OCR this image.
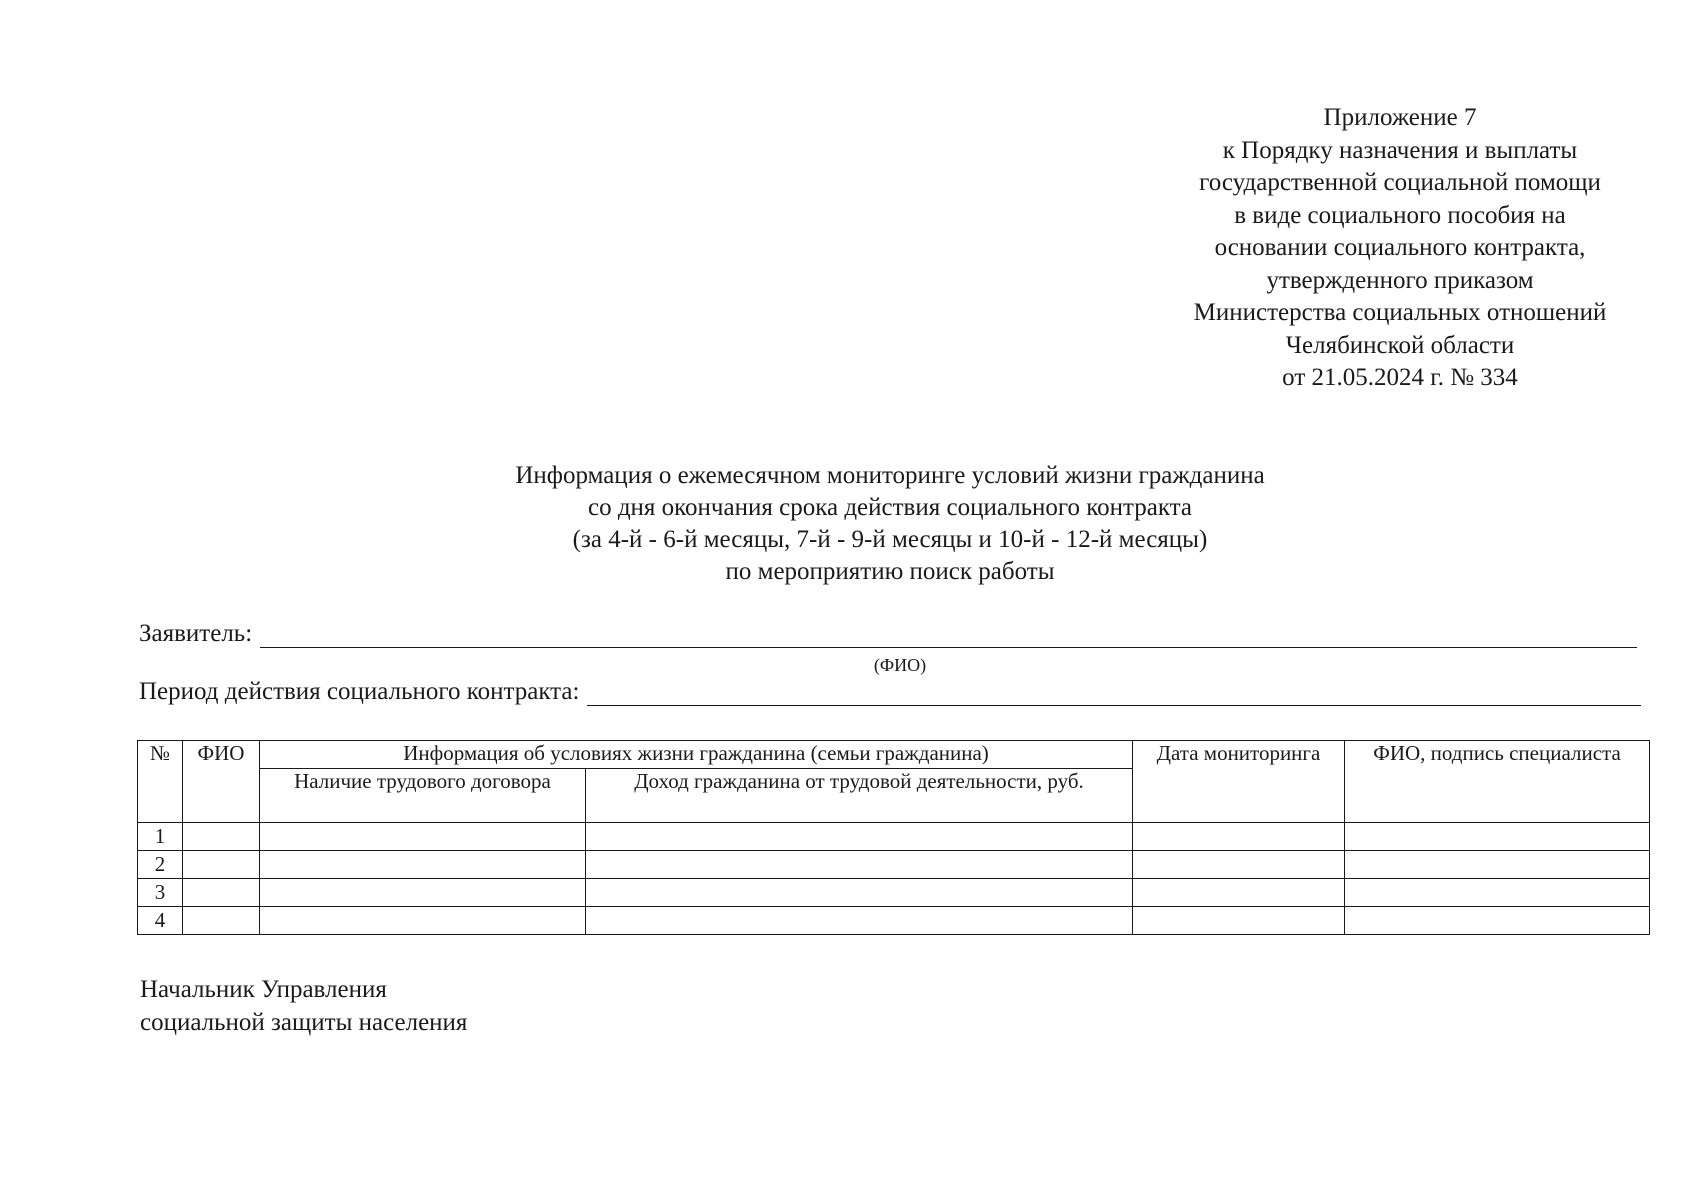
Приложение 7
к Порядку назначения и выплаты
государственной социальной помощи
в виде социального пособия на
основании социального контракта,
утвержденного приказом
Министерства социальных отношений
Челябинской области
от 21.05.2024 г. № 334
Информация о ежемесячном мониторинге условий жизни гражданина
со дня окончания срока действия социального контракта
(за 4-й - 6-й месяцы, 7-й - 9-й месяцы и 10-й - 12-й месяцы)
по мероприятию поиск работы
Заявитель:
(ФИО)
Период действия социального контракта:
№	ФИО	Информация об условиях жизни гражданина (семьи гражданина)		Дата мониторинга	ФИО, подпись специалиста
		Наличие трудового договора	Доход гражданина от трудовой деятельности, руб.		
1					
2					
3					
4					
Начальник Управления
социальной защиты населения
